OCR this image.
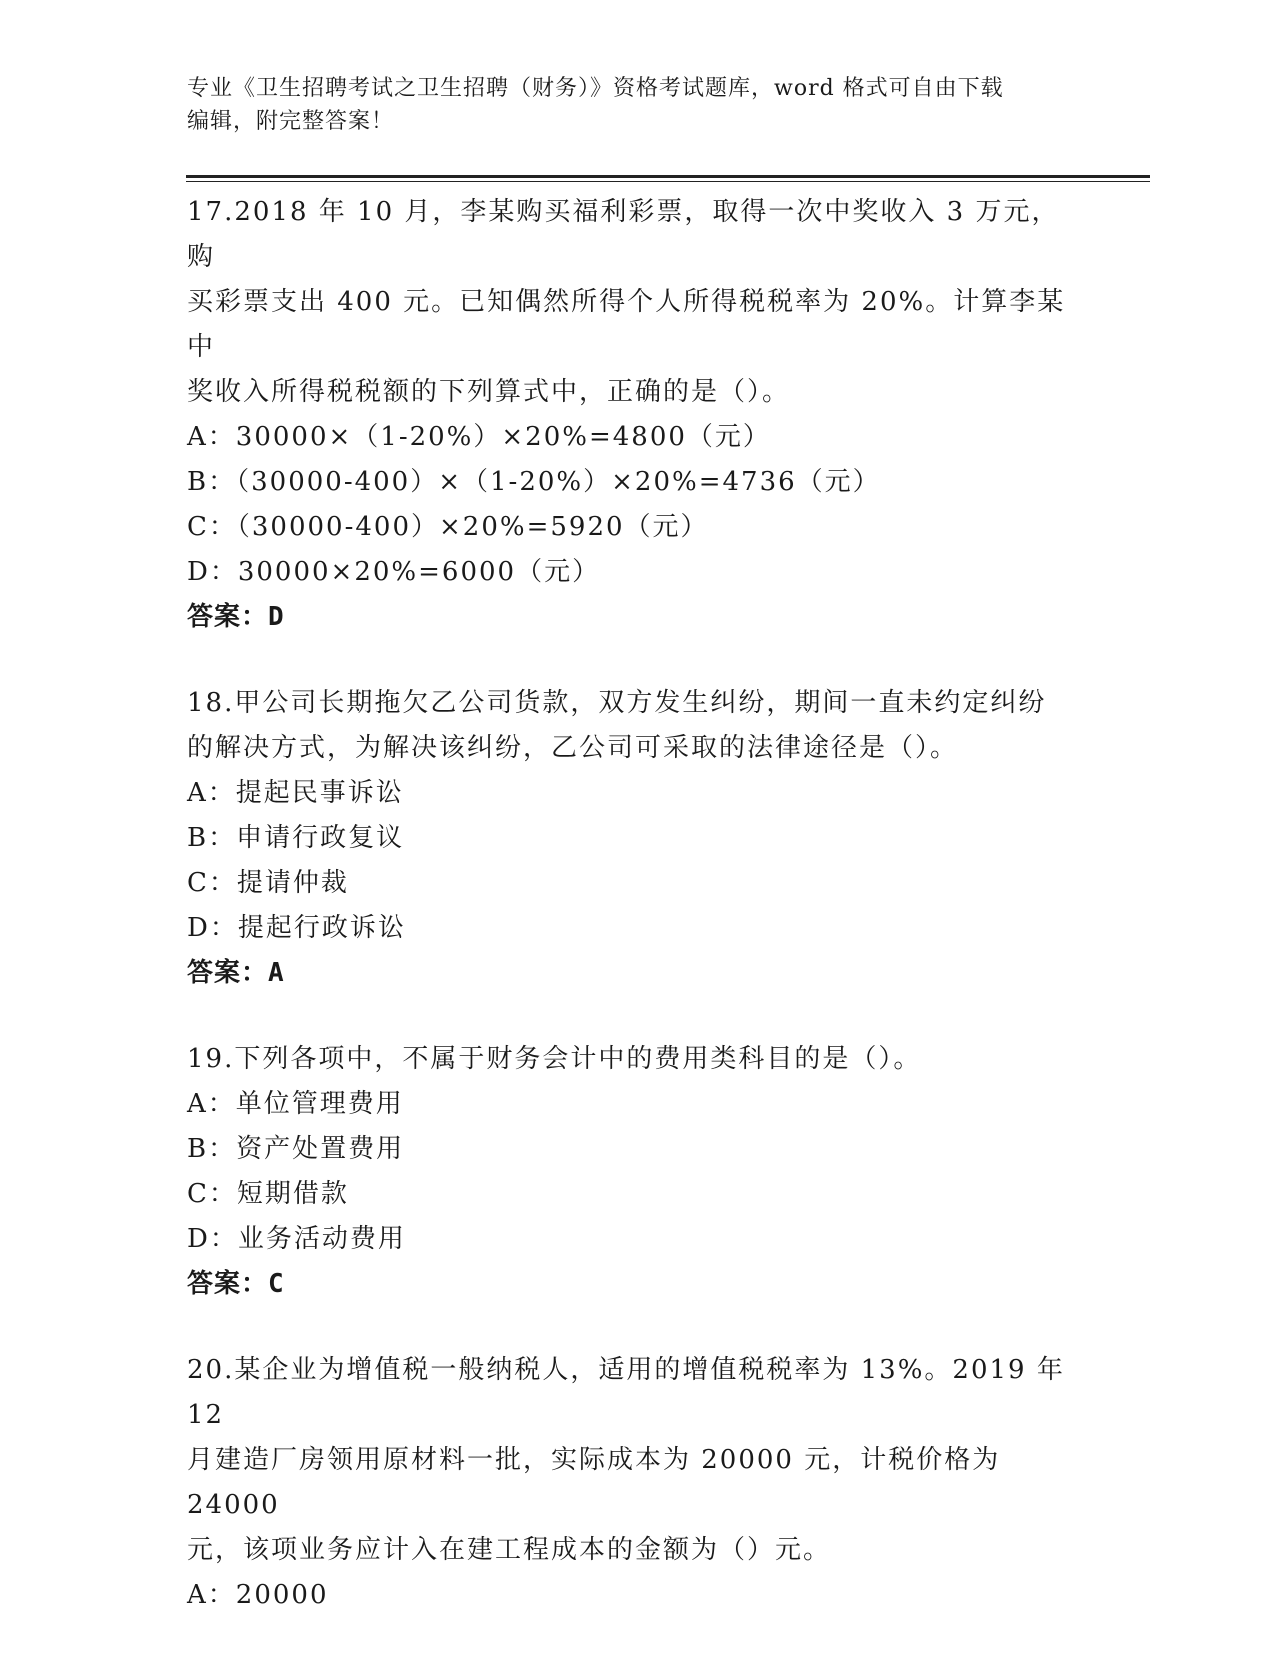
专业《卫生招聘考试之卫生招聘（财务）》资格考试题库，word 格式可自由下载
编辑，附完整答案！

17.2018 年 10 月，李某购买福利彩票，取得一次中奖收入 3 万元，购

买彩票支出 400 元。已知偶然所得个人所得税税率为 20%。计算李某中

奖收入所得税税额的下列算式中，正确的是（）。

A：30000×（1-20%）×20%=4800（元）

B：（30000-400）×（1-20%）×20%=4736（元）

C：（30000-400）×20%=5920（元）

D：30000×20%=6000（元）

答案：D

18.甲公司长期拖欠乙公司货款，双方发生纠纷，期间一直未约定纠纷

的解决方式，为解决该纠纷，乙公司可采取的法律途径是（）。

A：提起民事诉讼

B：申请行政复议

C：提请仲裁

D：提起行政诉讼

答案：A

19.下列各项中，不属于财务会计中的费用类科目的是（）。

A：单位管理费用

B：资产处置费用

C：短期借款

D：业务活动费用

答案：C

20.某企业为增值税一般纳税人，适用的增值税税率为 13%。2019 年 12

月建造厂房领用原材料一批，实际成本为 20000 元，计税价格为 24000

元，该项业务应计入在建工程成本的金额为（）元。

A：20000
